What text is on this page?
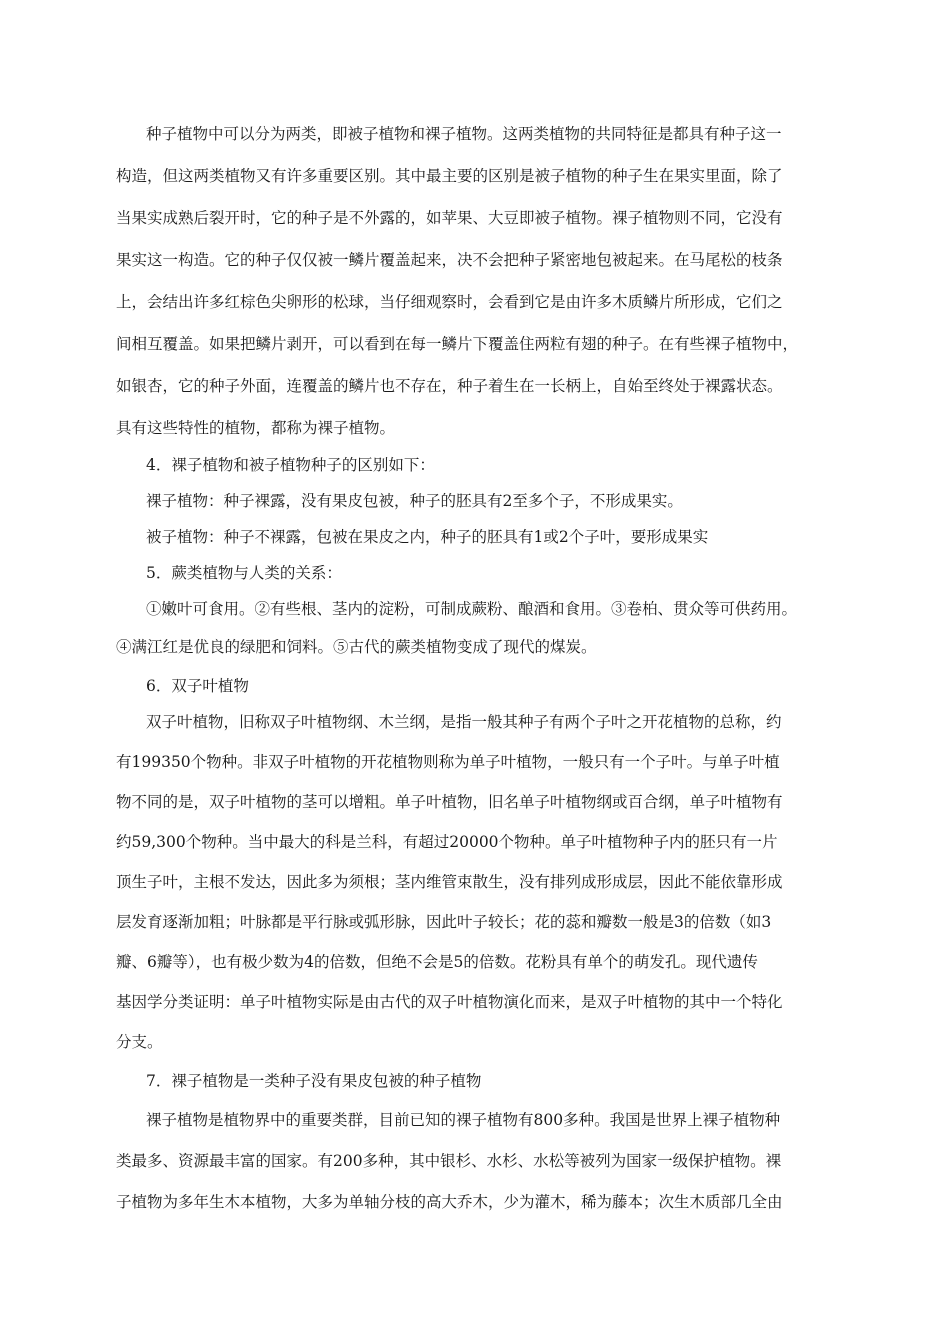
种子植物中可以分为两类，即被子植物和裸子植物。这两类植物的共同特征是都具有种子这一
构造，但这两类植物又有许多重要区别。其中最主要的区别是被子植物的种子生在果实里面，除了
当果实成熟后裂开时，它的种子是不外露的，如苹果、大豆即被子植物。裸子植物则不同，它没有
果实这一构造。它的种子仅仅被一鳞片覆盖起来，决不会把种子紧密地包被起来。在马尾松的枝条
上，会结出许多红棕色尖卵形的松球，当仔细观察时，会看到它是由许多木质鳞片所形成，它们之
间相互覆盖。如果把鳞片剥开，可以看到在每一鳞片下覆盖住两粒有翅的种子。在有些裸子植物中，
如银杏，它的种子外面，连覆盖的鳞片也不存在，种子着生在一长柄上，自始至终处于裸露状态。
具有这些特性的植物，都称为裸子植物。
4．裸子植物和被子植物种子的区别如下：
裸子植物：种子裸露，没有果皮包被，种子的胚具有2至多个子，不形成果实。
被子植物：种子不裸露，包被在果皮之内，种子的胚具有1或2个子叶，要形成果实
5．蕨类植物与人类的关系：
①嫩叶可食用。②有些根、茎内的淀粉，可制成蕨粉、酿酒和食用。③卷柏、贯众等可供药用。
④满江红是优良的绿肥和饲料。⑤古代的蕨类植物变成了现代的煤炭。
6．双子叶植物
双子叶植物，旧称双子叶植物纲、木兰纲，是指一般其种子有两个子叶之开花植物的总称，约
有199350个物种。非双子叶植物的开花植物则称为单子叶植物，一般只有一个子叶。与单子叶植
物不同的是，双子叶植物的茎可以增粗。单子叶植物，旧名单子叶植物纲或百合纲，单子叶植物有
约59,300个物种。当中最大的科是兰科，有超过20000个物种。单子叶植物种子内的胚只有一片
顶生子叶，主根不发达，因此多为须根；茎内维管束散生，没有排列成形成层，因此不能依靠形成
层发育逐渐加粗；叶脉都是平行脉或弧形脉，因此叶子较长；花的蕊和瓣数一般是3的倍数（如3
瓣、6瓣等），也有极少数为4的倍数，但绝不会是5的倍数。花粉具有单个的萌发孔。现代遗传
基因学分类证明：单子叶植物实际是由古代的双子叶植物演化而来，是双子叶植物的其中一个特化
分支。
7．裸子植物是一类种子没有果皮包被的种子植物
裸子植物是植物界中的重要类群，目前已知的裸子植物有800多种。我国是世界上裸子植物种
类最多、资源最丰富的国家。有200多种，其中银杉、水杉、水松等被列为国家一级保护植物。裸
子植物为多年生木本植物，大多为单轴分枝的高大乔木，少为灌木，稀为藤本；次生木质部几全由
